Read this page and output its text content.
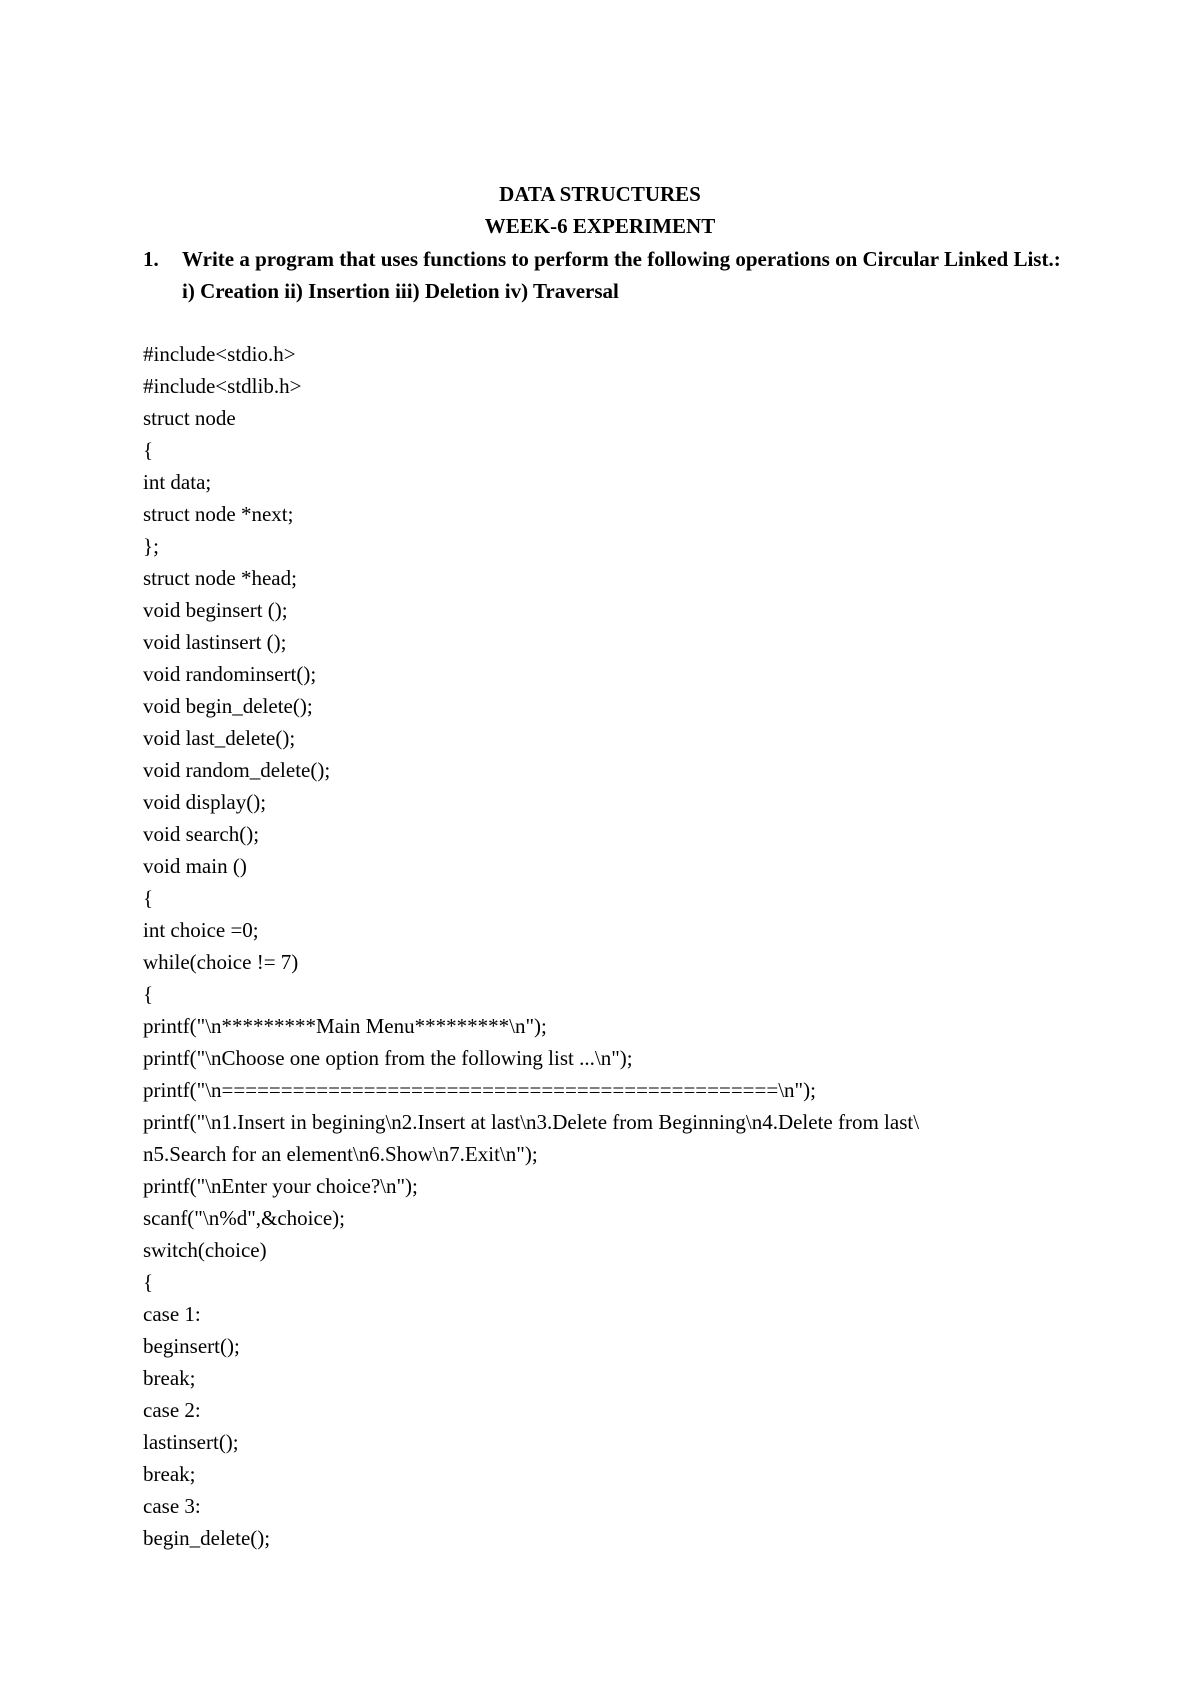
DATA STRUCTURES

WEEK-6 EXPERIMENT

1.	Write a program that uses functions to perform the following operations on Circular Linked List.: i) Creation ii) Insertion iii) Deletion iv) Traversal
#include<stdio.h>
#include<stdlib.h>
struct node
{
int data;
struct node *next;
};
struct node *head;
void beginsert ();
void lastinsert ();
void randominsert();
void begin_delete();
void last_delete();
void random_delete();
void display();
void search();
void main ()
{
int choice =0;
while(choice != 7)
{
printf("\n*********Main Menu*********\n");
printf("\nChoose one option from the following list ...\n");
printf("\n===============================================\n");
printf("\n1.Insert in begining\n2.Insert at last\n3.Delete from Beginning\n4.Delete from last\
n5.Search for an element\n6.Show\n7.Exit\n");
printf("\nEnter your choice?\n");
scanf("\n%d",&choice);
switch(choice)
{
case 1:
beginsert();
break;
case 2:
lastinsert();
break;
case 3:
begin_delete();
